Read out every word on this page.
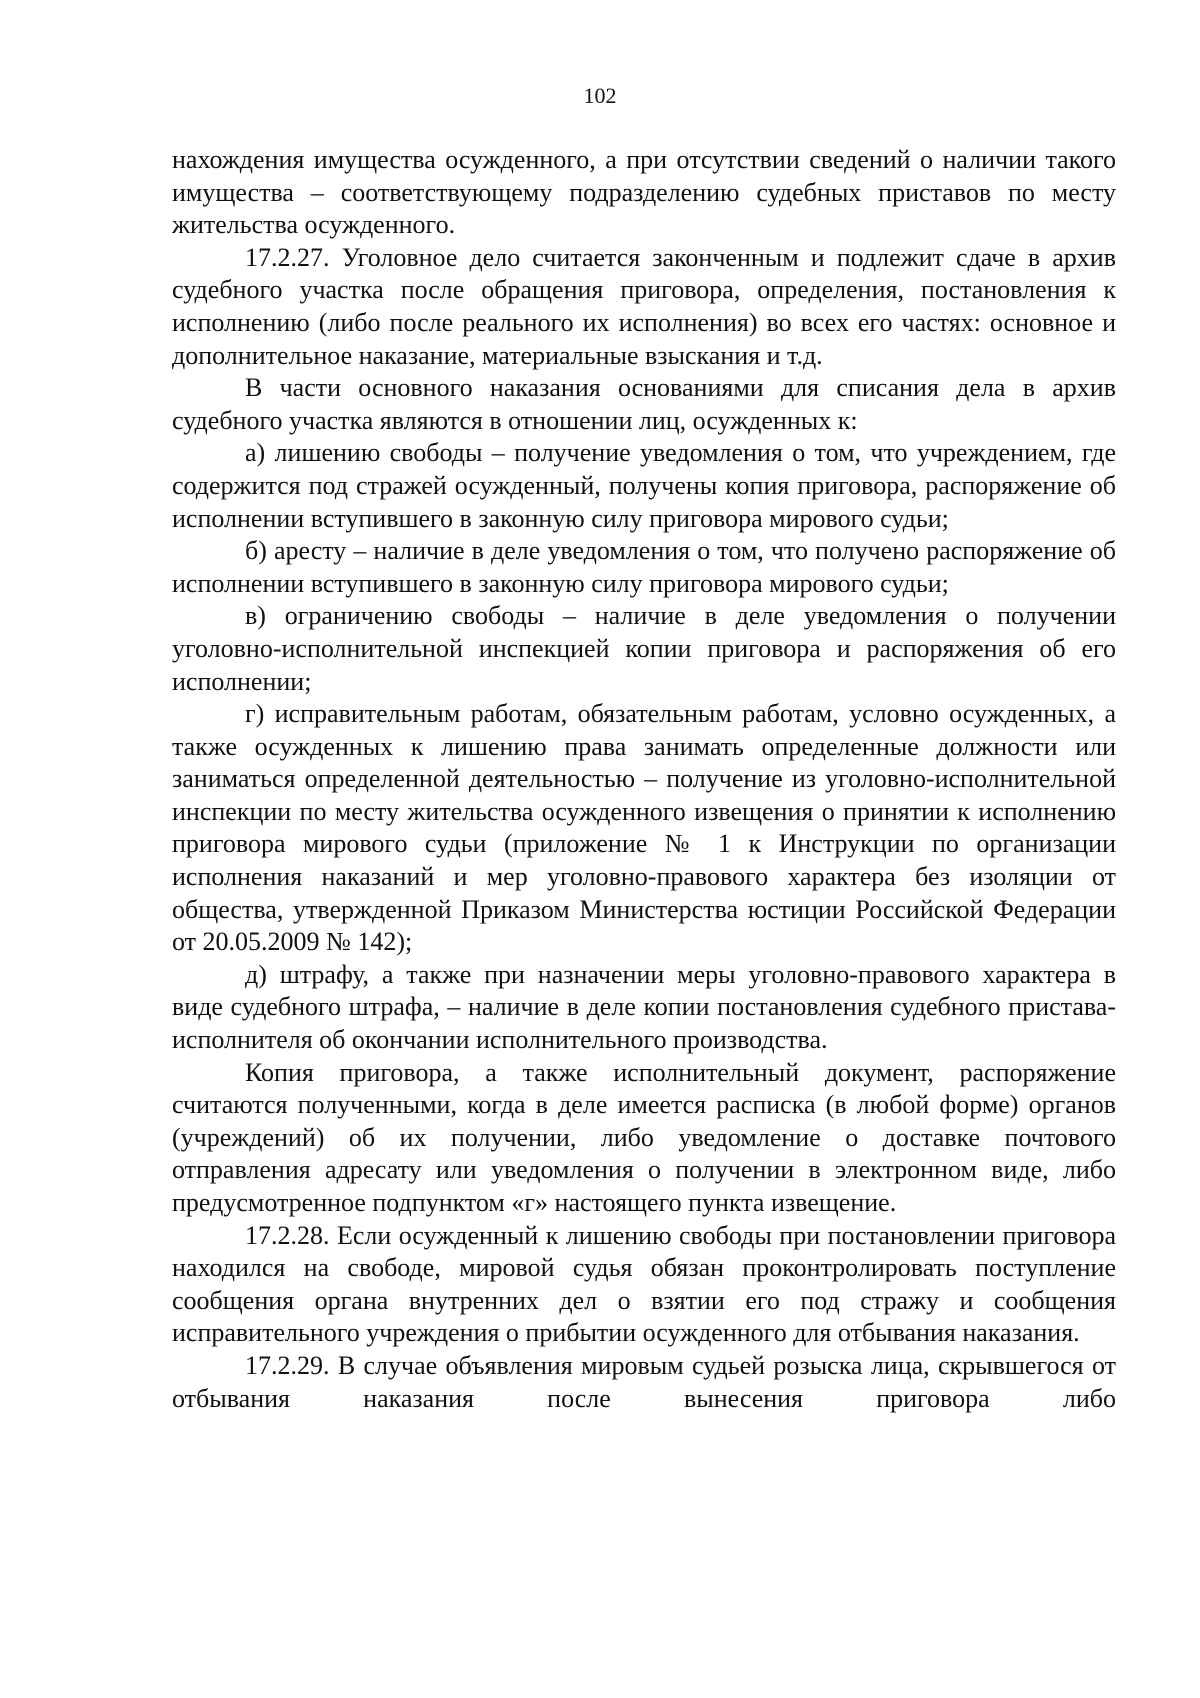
102

нахождения имущества осужденного, а при отсутствии сведений о наличии такого имущества – соответствующему подразделению судебных приставов по месту жительства осужденного.

17.2.27. Уголовное дело считается законченным и подлежит сдаче в архив судебного участка после обращения приговора, определения, постановления к исполнению (либо после реального их исполнения) во всех его частях: основное и дополнительное наказание, материальные взыскания и т.д.

В части основного наказания основаниями для списания дела в архив судебного участка являются в отношении лиц, осужденных к:

а) лишению свободы – получение уведомления о том, что учреждением, где содержится под стражей осужденный, получены копия приговора, распоряжение об исполнении вступившего в законную силу приговора мирового судьи;

б) аресту – наличие в деле уведомления о том, что получено распоряжение об исполнении вступившего в законную силу приговора мирового судьи;

в) ограничению свободы – наличие в деле уведомления о получении уголовно-исполнительной инспекцией копии приговора и распоряжения об его исполнении;

г) исправительным работам, обязательным работам, условно осужденных, а также осужденных к лишению права занимать определенные должности или заниматься определенной деятельностью – получение из уголовно-исполнительной инспекции по месту жительства осужденного извещения о принятии к исполнению приговора мирового судьи (приложение № 1 к Инструкции по организации исполнения наказаний и мер уголовно-правового характера без изоляции от общества, утвержденной Приказом Министерства юстиции Российской Федерации от 20.05.2009 № 142);

д) штрафу, а также при назначении меры уголовно-правового характера в виде судебного штрафа, – наличие в деле копии постановления судебного пристава-исполнителя об окончании исполнительного производства.

Копия приговора, а также исполнительный документ, распоряжение считаются полученными, когда в деле имеется расписка (в любой форме) органов (учреждений) об их получении, либо уведомление о доставке почтового отправления адресату или уведомления о получении в электронном виде, либо предусмотренное подпунктом «г» настоящего пункта извещение.

17.2.28. Если осужденный к лишению свободы при постановлении приговора находился на свободе, мировой судья обязан проконтролировать поступление сообщения органа внутренних дел о взятии его под стражу и сообщения исправительного учреждения о прибытии осужденного для отбывания наказания.

17.2.29. В случае объявления мировым судьей розыска лица, скрывшегося от отбывания наказания после вынесения приговора либо
